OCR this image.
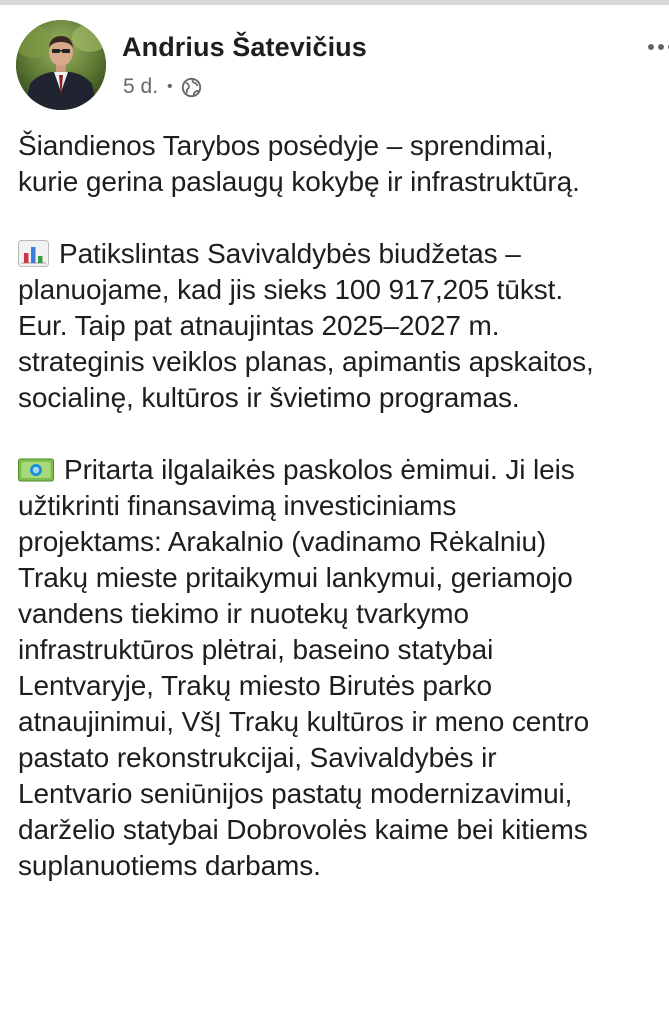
Andrius Šatevičius
5 d. •

Šiandienos Tarybos posėdyje – sprendimai,
kurie gerina paslaugų kokybę ir infrastruktūrą.

Patikslintas Savivaldybės biudžetas –
planuojame, kad jis sieks 100 917,205 tūkst.
Eur. Taip pat atnaujintas 2025–2027 m.
strateginis veiklos planas, apimantis apskaitos,
socialinę, kultūros ir švietimo programas.

Pritarta ilgalaikės paskolos ėmimui. Ji leis
užtikrinti finansavimą investiciniams
projektams: Arakalnio (vadinamo Rėkalniu)
Trakų mieste pritaikymui lankymui, geriamojo
vandens tiekimo ir nuotekų tvarkymo
infrastruktūros plėtrai, baseino statybai
Lentvaryje, Trakų miesto Birutės parko
atnaujinimui, VšĮ Trakų kultūros ir meno centro
pastato rekonstrukcijai, Savivaldybės ir
Lentvario seniūnijos pastatų modernizavimui,
darželio statybai Dobrovolės kaime bei kitiems
suplanuotiems darbams.
